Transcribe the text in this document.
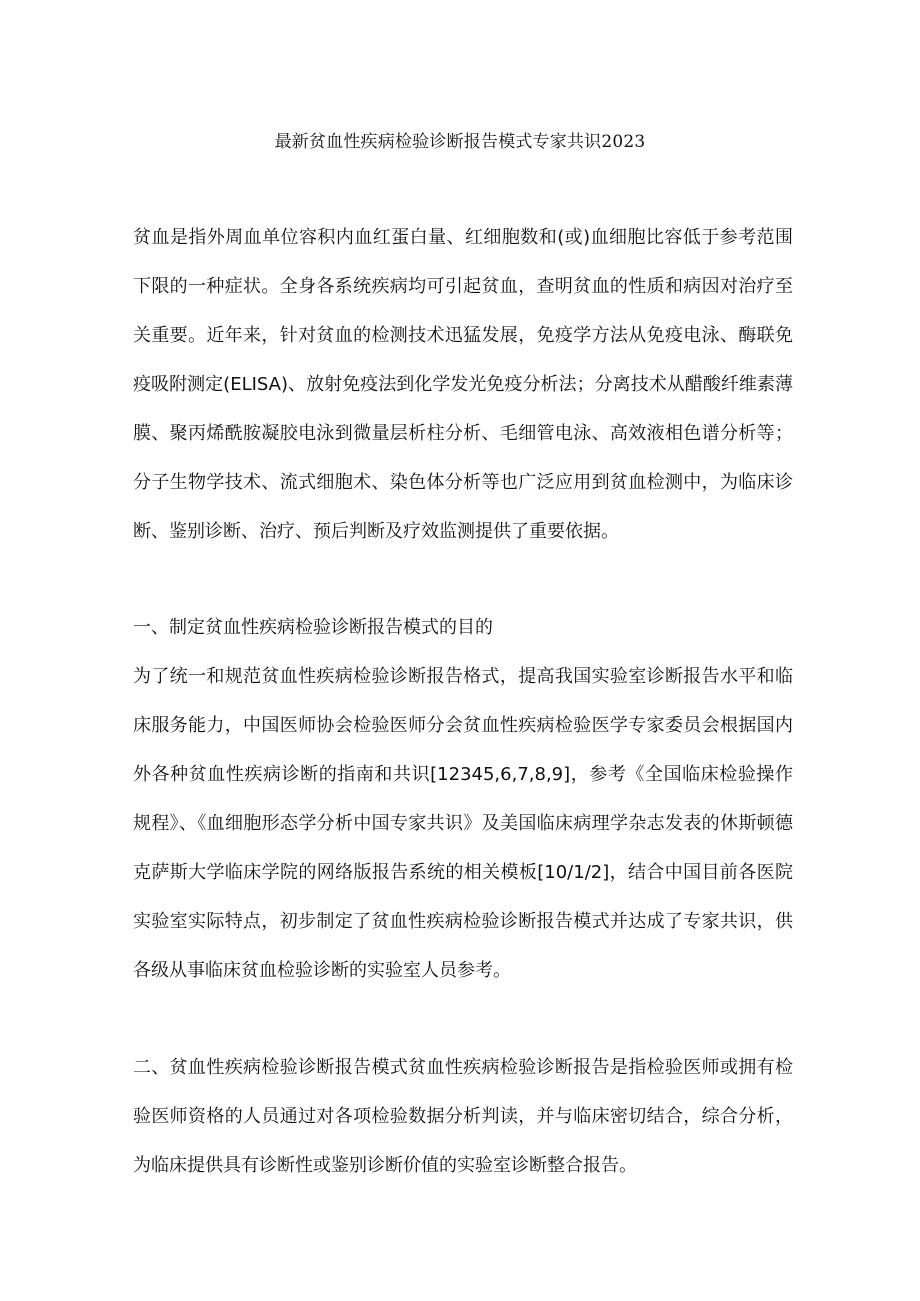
最新贫血性疾病检验诊断报告模式专家共识2023

贫血是指外周血单位容积内血红蛋白量、红细胞数和(或)血细胞比容低于参考范围下限的一种症状。全身各系统疾病均可引起贫血，查明贫血的性质和病因对治疗至关重要。近年来，针对贫血的检测技术迅猛发展，免疫学方法从免疫电泳、酶联免疫吸附测定(ELISA)、放射免疫法到化学发光免疫分析法；分离技术从醋酸纤维素薄膜、聚丙烯酰胺凝胶电泳到微量层析柱分析、毛细管电泳、高效液相色谱分析等；分子生物学技术、流式细胞术、染色体分析等也广泛应用到贫血检测中，为临床诊断、鉴别诊断、治疗、预后判断及疗效监测提供了重要依据。

一、制定贫血性疾病检验诊断报告模式的目的

为了统一和规范贫血性疾病检验诊断报告格式，提高我国实验室诊断报告水平和临床服务能力，中国医师协会检验医师分会贫血性疾病检验医学专家委员会根据国内外各种贫血性疾病诊断的指南和共识[12345,6,7,8,9]，参考《全国临床检验操作规程》、《血细胞形态学分析中国专家共识》及美国临床病理学杂志发表的休斯顿德克萨斯大学临床学院的网络版报告系统的相关模板[10/1/2]，结合中国目前各医院实验室实际特点，初步制定了贫血性疾病检验诊断报告模式并达成了专家共识，供各级从事临床贫血检验诊断的实验室人员参考。

二、贫血性疾病检验诊断报告模式贫血性疾病检验诊断报告是指检验医师或拥有检验医师资格的人员通过对各项检验数据分析判读，并与临床密切结合，综合分析，为临床提供具有诊断性或鉴别诊断价值的实验室诊断整合报告。
